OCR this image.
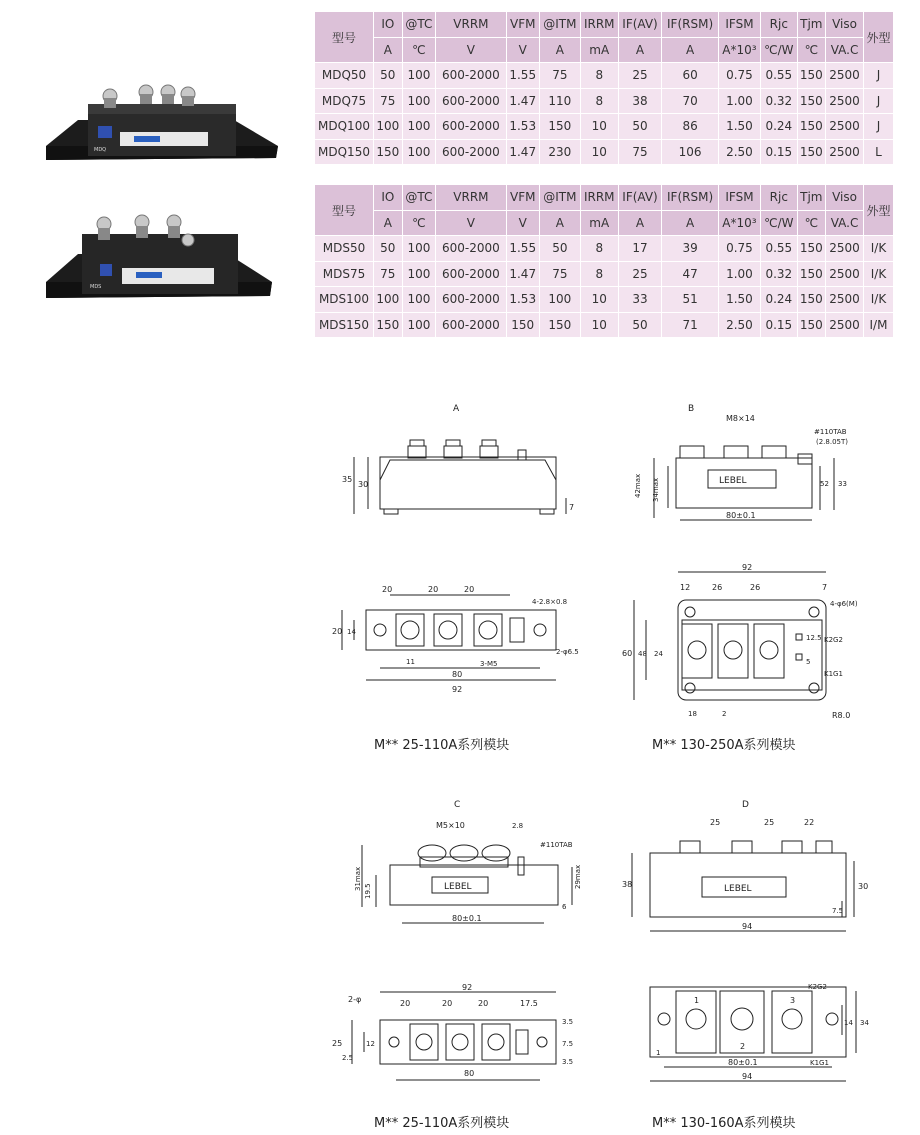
MDQ
MDS
型号	IO	@TC	VRRM	VFM	@ITM	IRRM	IF(AV)	IF(RSM)	IFSM	Rjc	Tjm	Viso	外型
	A	℃	V	V	A	mA	A	A	A*10³	℃/W	℃	VA.C	
MDQ50	50	100	600-2000	1.55	75	8	25	60	0.75	0.55	150	2500	J
MDQ75	75	100	600-2000	1.47	110	8	38	70	1.00	0.32	150	2500	J
MDQ100	100	100	600-2000	1.53	150	10	50	86	1.50	0.24	150	2500	J
MDQ150	150	100	600-2000	1.47	230	10	75	106	2.50	0.15	150	2500	L
型号	IO	@TC	VRRM	VFM	@ITM	IRRM	IF(AV)	IF(RSM)	IFSM	Rjc	Tjm	Viso	外型
	A	℃	V	V	A	mA	A	A	A*10³	℃/W	℃	VA.C	
MDS50	50	100	600-2000	1.55	50	8	17	39	0.75	0.55	150	2500	I/K
MDS75	75	100	600-2000	1.47	75	8	25	47	1.00	0.32	150	2500	I/K
MDS100	100	100	600-2000	1.53	100	10	33	51	1.50	0.24	150	2500	I/K
MDS150	150	100	600-2000	150	150	10	50	71	2.50	0.15	150	2500	I/M
A
35
30
7
20	20	20
4-2.8×0.8
20 14
2-φ6.5
11	3-M5
80
92
M** 25-110A系列模块
B
M8×14
#110TAB
(2.8.05T)
42max 34max	LEBEL	52 33
80±0.1
92
12	26	26	7
4-φ6(M)
60 48 24
12.5
5
K2G2
K1G1
18	2	R8.0
M** 130-250A系列模块
C
M5×10	2.8
#110TAB
31max
19.5	LEBEL	29max
6
80±0.1
92
2-φ	20	20	20	17.5
3.5
25	12
2.5
7.5
3.5
80
M** 25-110A系列模块
D
25	25	22
38	LEBEL	30
7.5
94
K2G2
1
2
3
14 34
1
K1G1
80±0.1
94
M** 130-160A系列模块
